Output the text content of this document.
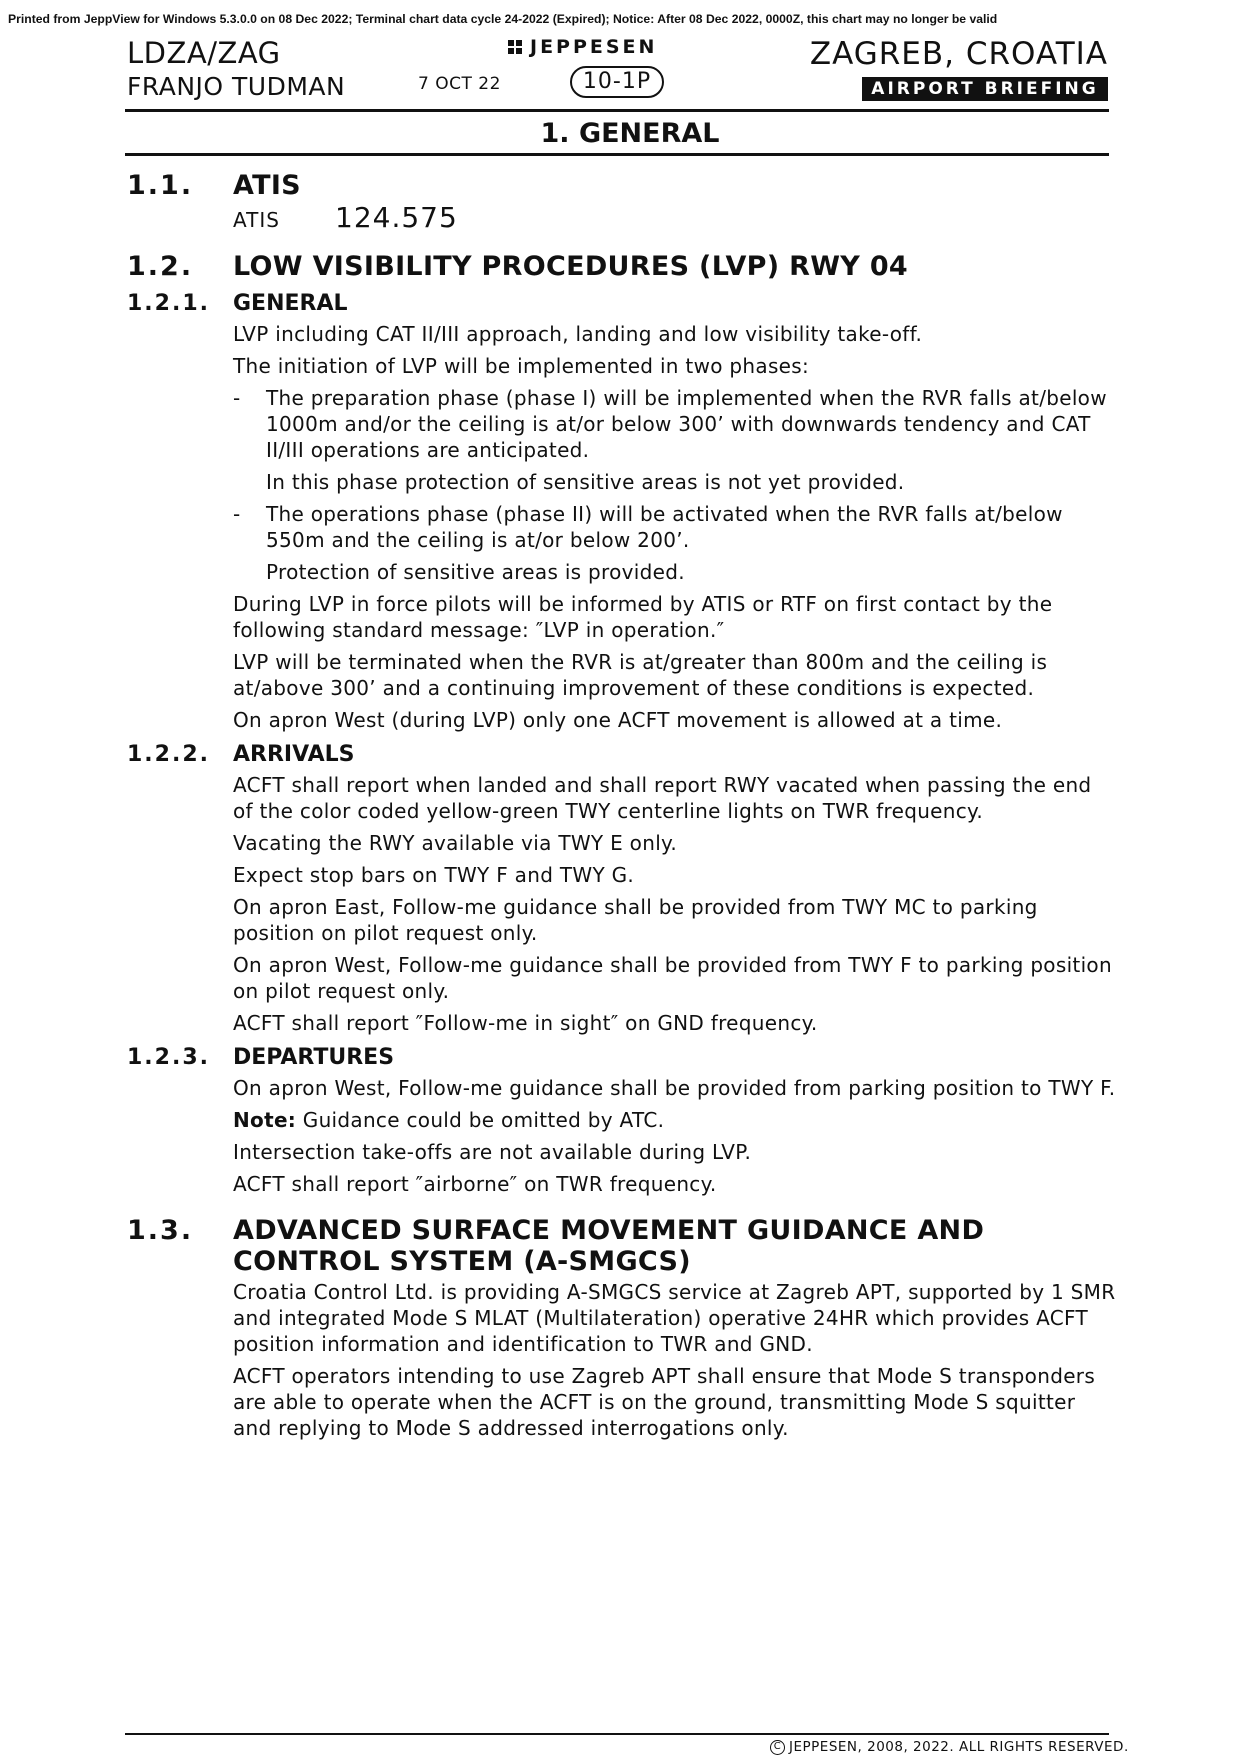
Printed from JeppView for Windows 5.3.0.0 on 08 Dec 2022; Terminal chart data cycle 24-2022 (Expired); Notice: After 08 Dec 2022, 0000Z, this chart may no longer be valid
LDZA/ZAG
FRANJO TUDMAN	7 OCT 22
JEPPESEN
10-1P
ZAGREB, CROATIA
AIRPORT BRIEFING
1. GENERAL
1.1. ATIS
ATIS	124.575
1.2. LOW VISIBILITY PROCEDURES (LVP) RWY 04
1.2.1. GENERAL

LVP including CAT II/III approach, landing and low visibility take-off.

The initiation of LVP will be implemented in two phases:

- The preparation phase (phase I) will be implemented when the RVR falls at/below 1000m and/or the ceiling is at/or below 300’ with downwards tendency and CAT II/III operations are anticipated.

In this phase protection of sensitive areas is not yet provided.

- The operations phase (phase II) will be activated when the RVR falls at/below 550m and the ceiling is at/or below 200’.

Protection of sensitive areas is provided.

During LVP in force pilots will be informed by ATIS or RTF on first contact by the following standard message: ″LVP in operation.″

LVP will be terminated when the RVR is at/greater than 800m and the ceiling is at/above 300’ and a continuing improvement of these conditions is expected.

On apron West (during LVP) only one ACFT movement is allowed at a time.

1.2.2. ARRIVALS

ACFT shall report when landed and shall report RWY vacated when passing the end of the color coded yellow-green TWY centerline lights on TWR frequency.

Vacating the RWY available via TWY E only.

Expect stop bars on TWY F and TWY G.

On apron East, Follow-me guidance shall be provided from TWY MC to parking position on pilot request only.

On apron West, Follow-me guidance shall be provided from TWY F to parking position on pilot request only.

ACFT shall report ″Follow-me in sight″ on GND frequency.

1.2.3. DEPARTURES

On apron West, Follow-me guidance shall be provided from parking position to TWY F.

Note: Guidance could be omitted by ATC.

Intersection take-offs are not available during LVP.

ACFT shall report ″airborne″ on TWR frequency.

1.3. ADVANCED SURFACE MOVEMENT GUIDANCE AND CONTROL SYSTEM (A-SMGCS)

Croatia Control Ltd. is providing A-SMGCS service at Zagreb APT, supported by 1 SMR and integrated Mode S MLAT (Multilateration) operative 24HR which provides ACFT position information and identification to TWR and GND.

ACFT operators intending to use Zagreb APT shall ensure that Mode S transponders are able to operate when the ACFT is on the ground, transmitting Mode S squitter and replying to Mode S addressed interrogations only.

C JEPPESEN, 2008, 2022. ALL RIGHTS RESERVED.
